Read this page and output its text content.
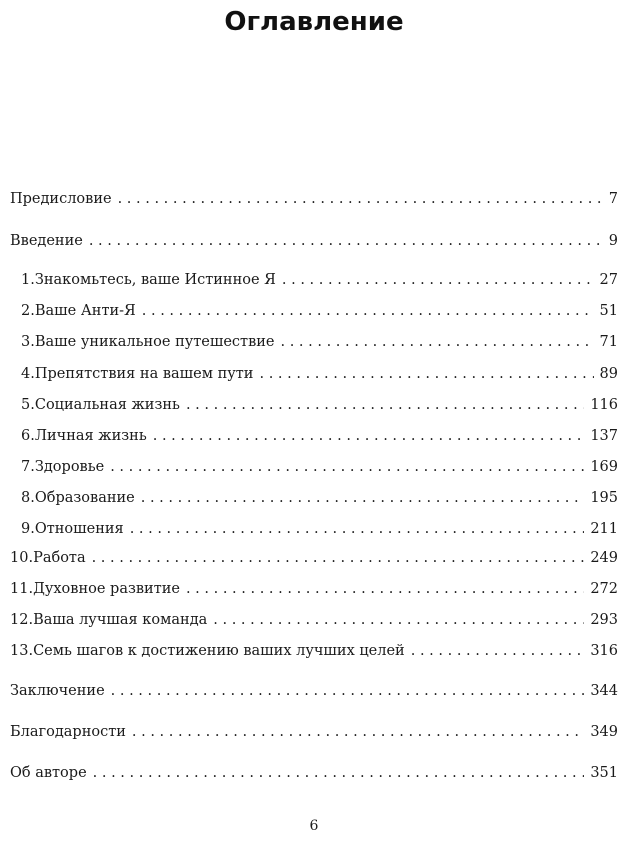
Оглавление
Предисловие . . .	7
Введение . . .	9
1. Знакомьтесь, ваше Истинное Я . . .	27
2. Ваше Анти-Я . . .	51
3. Ваше уникальное путешествие . . .	71
4. Препятствия на вашем пути . . .	89
5. Социальная жизнь . . .	116
6. Личная жизнь . . .	137
7. Здоровье . . .	169
8. Образование . . .	195
9. Отношения . . .	211
10. Работа . . .	249
11. Духовное развитие . . .	272
12. Ваша лучшая команда . . .	293
13. Семь шагов к достижению ваших лучших целей . . .	316
Заключение . . .	344
Благодарности . . .	349
Об авторе . . .	351
6
